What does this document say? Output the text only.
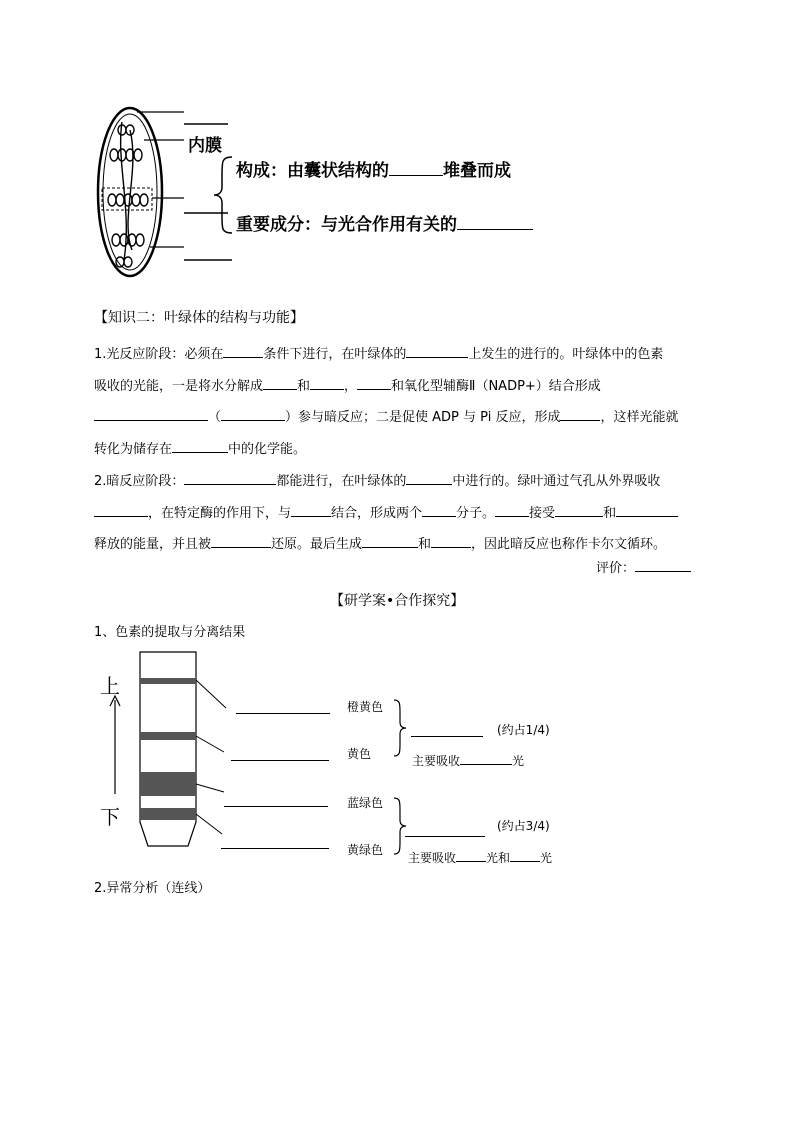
内膜
构成：由囊状结构的	堆叠而成
重要成分：与光合作用有关的
【知识二：叶绿体的结构与功能】
1.光反应阶段：必须在	条件下进行，在叶绿体的	上发生的进行的。叶绿体中的色素
吸收的光能，一是将水分解成	和	，	和氧化型辅酶Ⅱ（NADP+）结合形成
（	）参与暗反应；二是促使 ADP 与 Pi 反应，形成	，这样光能就
转化为储存在	中的化学能。
2.暗反应阶段：	都能进行，在叶绿体的	中进行的。绿叶通过气孔从外界吸收
，在特定酶的作用下，与	结合，形成两个	分子。	接受	和
释放的能量，并且被	还原。最后生成	和	，因此暗反应也称作卡尔文循环。
评价：
【研学案•合作探究】
1、色素的提取与分离结果
上
下
橙黄色
黄色
蓝绿色
黄绿色
(约占1/4)
主要吸收	光
(约占3/4)
主要吸收	光和	光
2.异常分析（连线）
